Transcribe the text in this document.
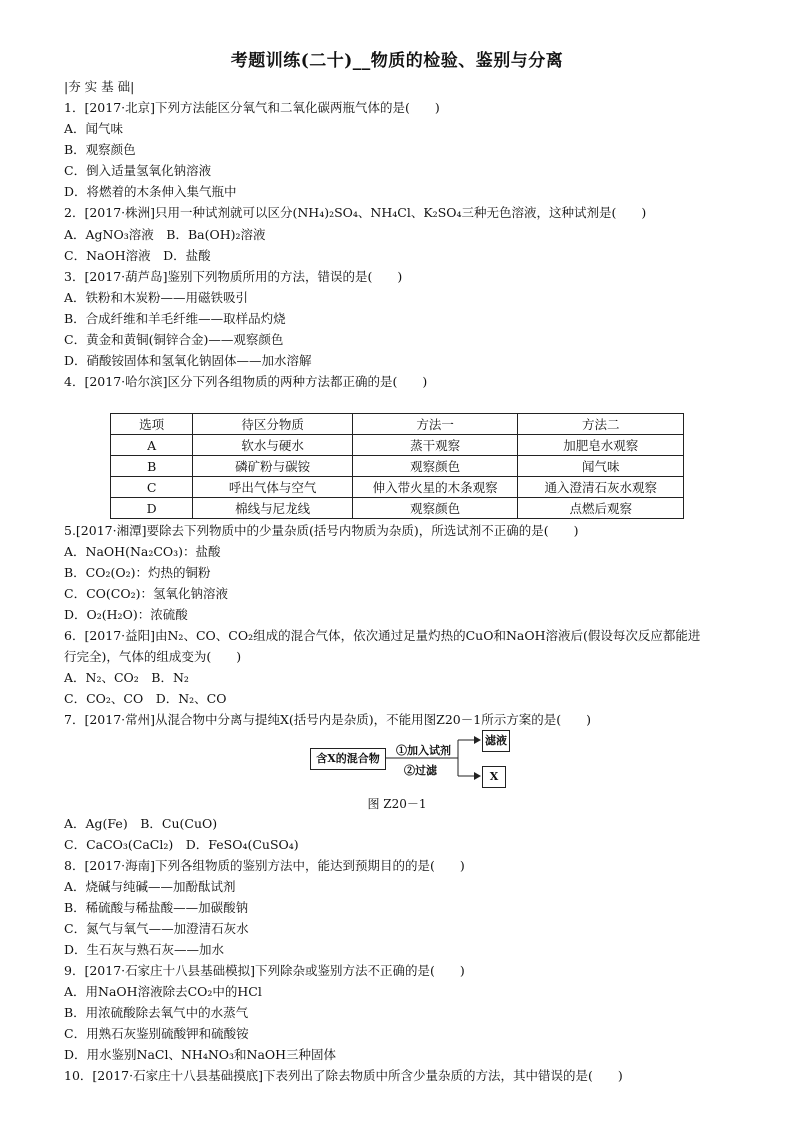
考题训练(二十)__物质的检验、鉴别与分离
|夯 实 基 础|
1．[2017·北京]下列方法能区分氧气和二氧化碳两瓶气体的是(　　)
A．闻气味
B．观察颜色
C．倒入适量氢氧化钠溶液
D．将燃着的木条伸入集气瓶中
2．[2017·株洲]只用一种试剂就可以区分(NH₄)₂SO₄、NH₄Cl、K₂SO₄三种无色溶液，这种试剂是(　　)
A．AgNO₃溶液　B．Ba(OH)₂溶液
C．NaOH溶液　D．盐酸
3．[2017·葫芦岛]鉴别下列物质所用的方法，错误的是(　　)
A．铁粉和木炭粉——用磁铁吸引
B．合成纤维和羊毛纤维——取样品灼烧
C．黄金和黄铜(铜锌合金)——观察颜色
D．硝酸铵固体和氢氧化钠固体——加水溶解
4．[2017·哈尔滨]区分下列各组物质的两种方法都正确的是(　　)
选项	待区分物质	方法一	方法二
A	软水与硬水	蒸干观察	加肥皂水观察
B	磷矿粉与碳铵	观察颜色	闻气味
C	呼出气体与空气	伸入带火星的木条观察	通入澄清石灰水观察
D	棉线与尼龙线	观察颜色	点燃后观察
5.[2017·湘潭]要除去下列物质中的少量杂质(括号内物质为杂质)，所选试剂不正确的是(　　)
A．NaOH(Na₂CO₃)：盐酸
B．CO₂(O₂)：灼热的铜粉
C．CO(CO₂)：氢氧化钠溶液
D．O₂(H₂O)：浓硫酸
6．[2017·益阳]由N₂、CO、CO₂组成的混合气体，依次通过足量灼热的CuO和NaOH溶液后(假设每次反应都能进
行完全)，气体的组成变为(　　)
A．N₂、CO₂　B．N₂
C．CO₂、CO　D．N₂、CO
7．[2017·常州]从混合物中分离与提纯X(括号内是杂质)，不能用图Z20－1所示方案的是(　　)
含X的混合物
①加入试剂
②过滤
滤液
X
图 Z20－1
A．Ag(Fe)　B．Cu(CuO)
C．CaCO₃(CaCl₂)　D．FeSO₄(CuSO₄)
8．[2017·海南]下列各组物质的鉴别方法中，能达到预期目的的是(　　)
A．烧碱与纯碱——加酚酞试剂
B．稀硫酸与稀盐酸——加碳酸钠
C．氮气与氧气——加澄清石灰水
D．生石灰与熟石灰——加水
9．[2017·石家庄十八县基础模拟]下列除杂或鉴别方法不正确的是(　　)
A．用NaOH溶液除去CO₂中的HCl
B．用浓硫酸除去氧气中的水蒸气
C．用熟石灰鉴别硫酸钾和硫酸铵
D．用水鉴别NaCl、NH₄NO₃和NaOH三种固体
10．[2017·石家庄十八县基础摸底]下表列出了除去物质中所含少量杂质的方法，其中错误的是(　　)
